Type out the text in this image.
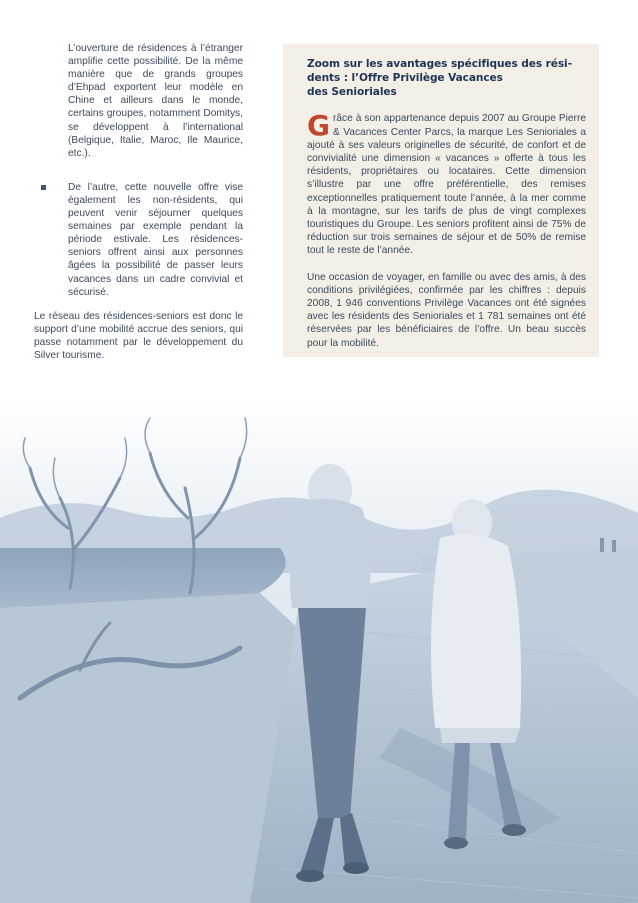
L’ouverture de résidences à l’étranger amplifie cette possibilité. De la même manière que de grands groupes d’Ehpad exportent leur modèle en Chine et ailleurs dans le monde, certains groupes, notamment Domitys, se développent à l’international (Belgique, Italie, Maroc, Ile Maurice, etc.).

De l’autre, cette nouvelle offre vise également les non-résidents, qui peuvent venir séjourner quelques semaines par exemple pendant la période estivale. Les résidences-seniors offrent ainsi aux personnes âgées la possibilité de passer leurs vacances dans un cadre convivial et sécurisé.

Le réseau des résidences-seniors est donc le support d’une mobilité accrue des seniors, qui passe notamment par le développement du Silver tourisme.

Zoom sur les avantages spécifiques des rési-
dents : l’Offre Privilège Vacances
des Senioriales

Grâce à son appartenance depuis 2007 au Groupe Pierre & Vacances Center Parcs, la marque Les Senioriales a ajouté à ses valeurs originelles de sécurité, de confort et de convivialité une dimension « vacances » offerte à tous les résidents, propriétaires ou locataires. Cette dimension s’illustre par une offre préférentielle, des remises exceptionnelles pratiquement toute l’année, à la mer comme à la montagne, sur les tarifs de plus de vingt complexes touristiques du Groupe. Les seniors profitent ainsi de 75% de réduction sur trois semaines de séjour et de 50% de remise tout le reste de l’année.

Une occasion de voyager, en famille ou avec des amis, à des conditions privilégiées, confirmée par les chiffres : depuis 2008, 1 946 conventions Privilège Vacances ont été signées avec les résidents des Senioriales et 1 781 semaines ont été réservées par les bénéficiaires de l’offre. Un beau succès pour la mobilité.
